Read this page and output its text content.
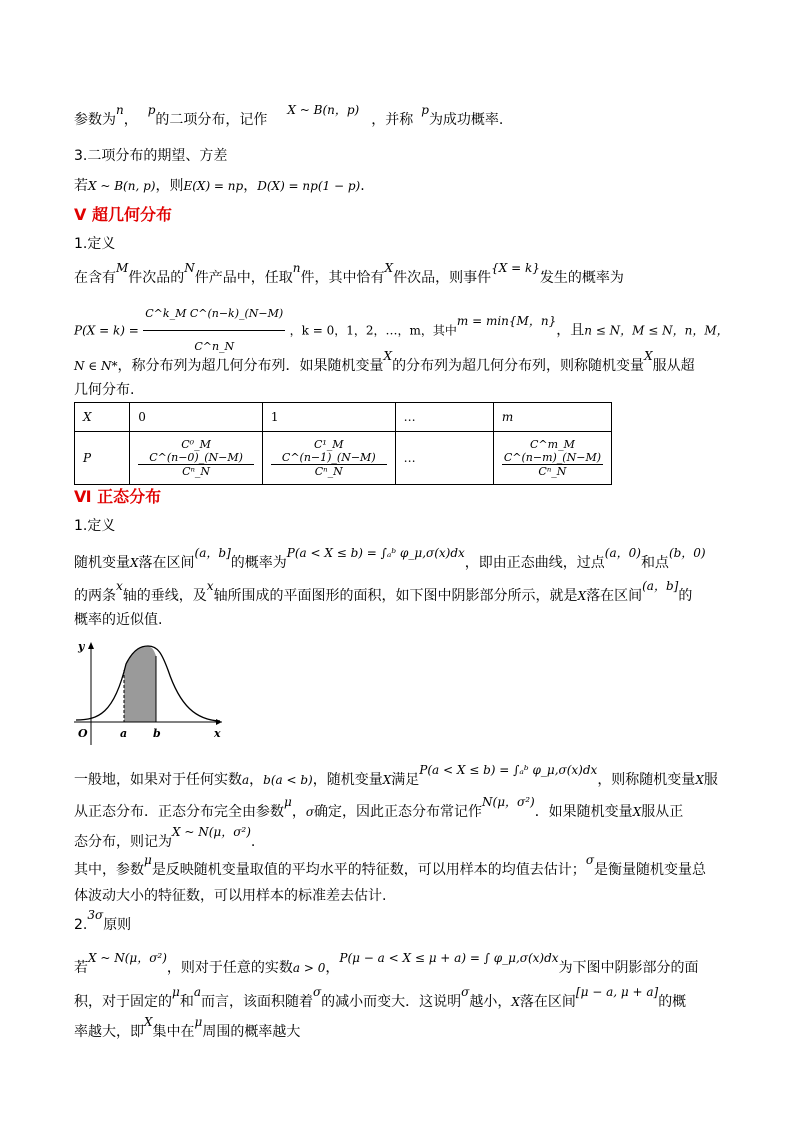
参数为n，p的二项分布，记作X ~ B(n，p)，并称p为成功概率.
3.二项分布的期望、方差
若X ~ B(n, p)，则E(X) = np，D(X) = np(1 − p).
Ⅴ 超几何分布
1.定义
在含有M件次品的N件产品中，任取n件，其中恰有X件次品，则事件{X = k}发生的概率为
$P(X = k) = \frac{\text{C\textasciicircum{}k\_M C\textasciicircum{}(n−k)\_(N−M)}}{C\^{}n\_N}$ ，k = 0，1，2，…，m，其中m = min{M，n}，且n ≤ N，M ≤ N，n，M，
N ∈ N*，称分布列为超几何分布列．如果随机变量X的分布列为超几何分布列，则称随机变量X服从超
几何分布.
X	0	1	…	m
P	$\frac{\text{C⁰\_M C\textasciicircum{}(n−0)\_(N−M)}}{\text{Cⁿ\_N}}$	$\frac{\text{C¹\_M C\textasciicircum{}(n−1)\_(N−M)}}{\text{Cⁿ\_N}}$	…	$\frac{\text{C\textasciicircum{}m\_M C\textasciicircum{}(n−m)\_(N−M)}}{\text{Cⁿ\_N}}$
Ⅵ 正态分布
1.定义
随机变量X落在区间(a，b]的概率为P(a < X ≤ b) = ∫ₐᵇ φ_μ,σ(x)dx，即由正态曲线，过点(a，0)和点(b，0)
的两条x轴的垂线，及x轴所围成的平面图形的面积，如下图中阴影部分所示，就是X落在区间(a，b]的
概率的近似值.
y
x
O	a b
一般地，如果对于任何实数a，b(a < b)，随机变量X满足P(a < X ≤ b) = ∫ₐᵇ φ_μ,σ(x)dx，则称随机变量X服
从正态分布．正态分布完全由参数μ，σ确定，因此正态分布常记作N(μ，σ²)．如果随机变量X服从正
态分布，则记为X ~ N(μ，σ²).
其中，参数μ是反映随机变量取值的平均水平的特征数，可以用样本的均值去估计；σ是衡量随机变量总
体波动大小的特征数，可以用样本的标准差去估计.
2.3σ原则
若X ~ N(μ，σ²)，则对于任意的实数a > 0，P(μ − a < X ≤ μ + a) = ∫ φ_μ,σ(x)dx为下图中阴影部分的面
积，对于固定的μ和a而言，该面积随着σ的减小而变大．这说明σ越小，X落在区间[μ − a, μ + a]的概
率越大，即X集中在μ周围的概率越大
